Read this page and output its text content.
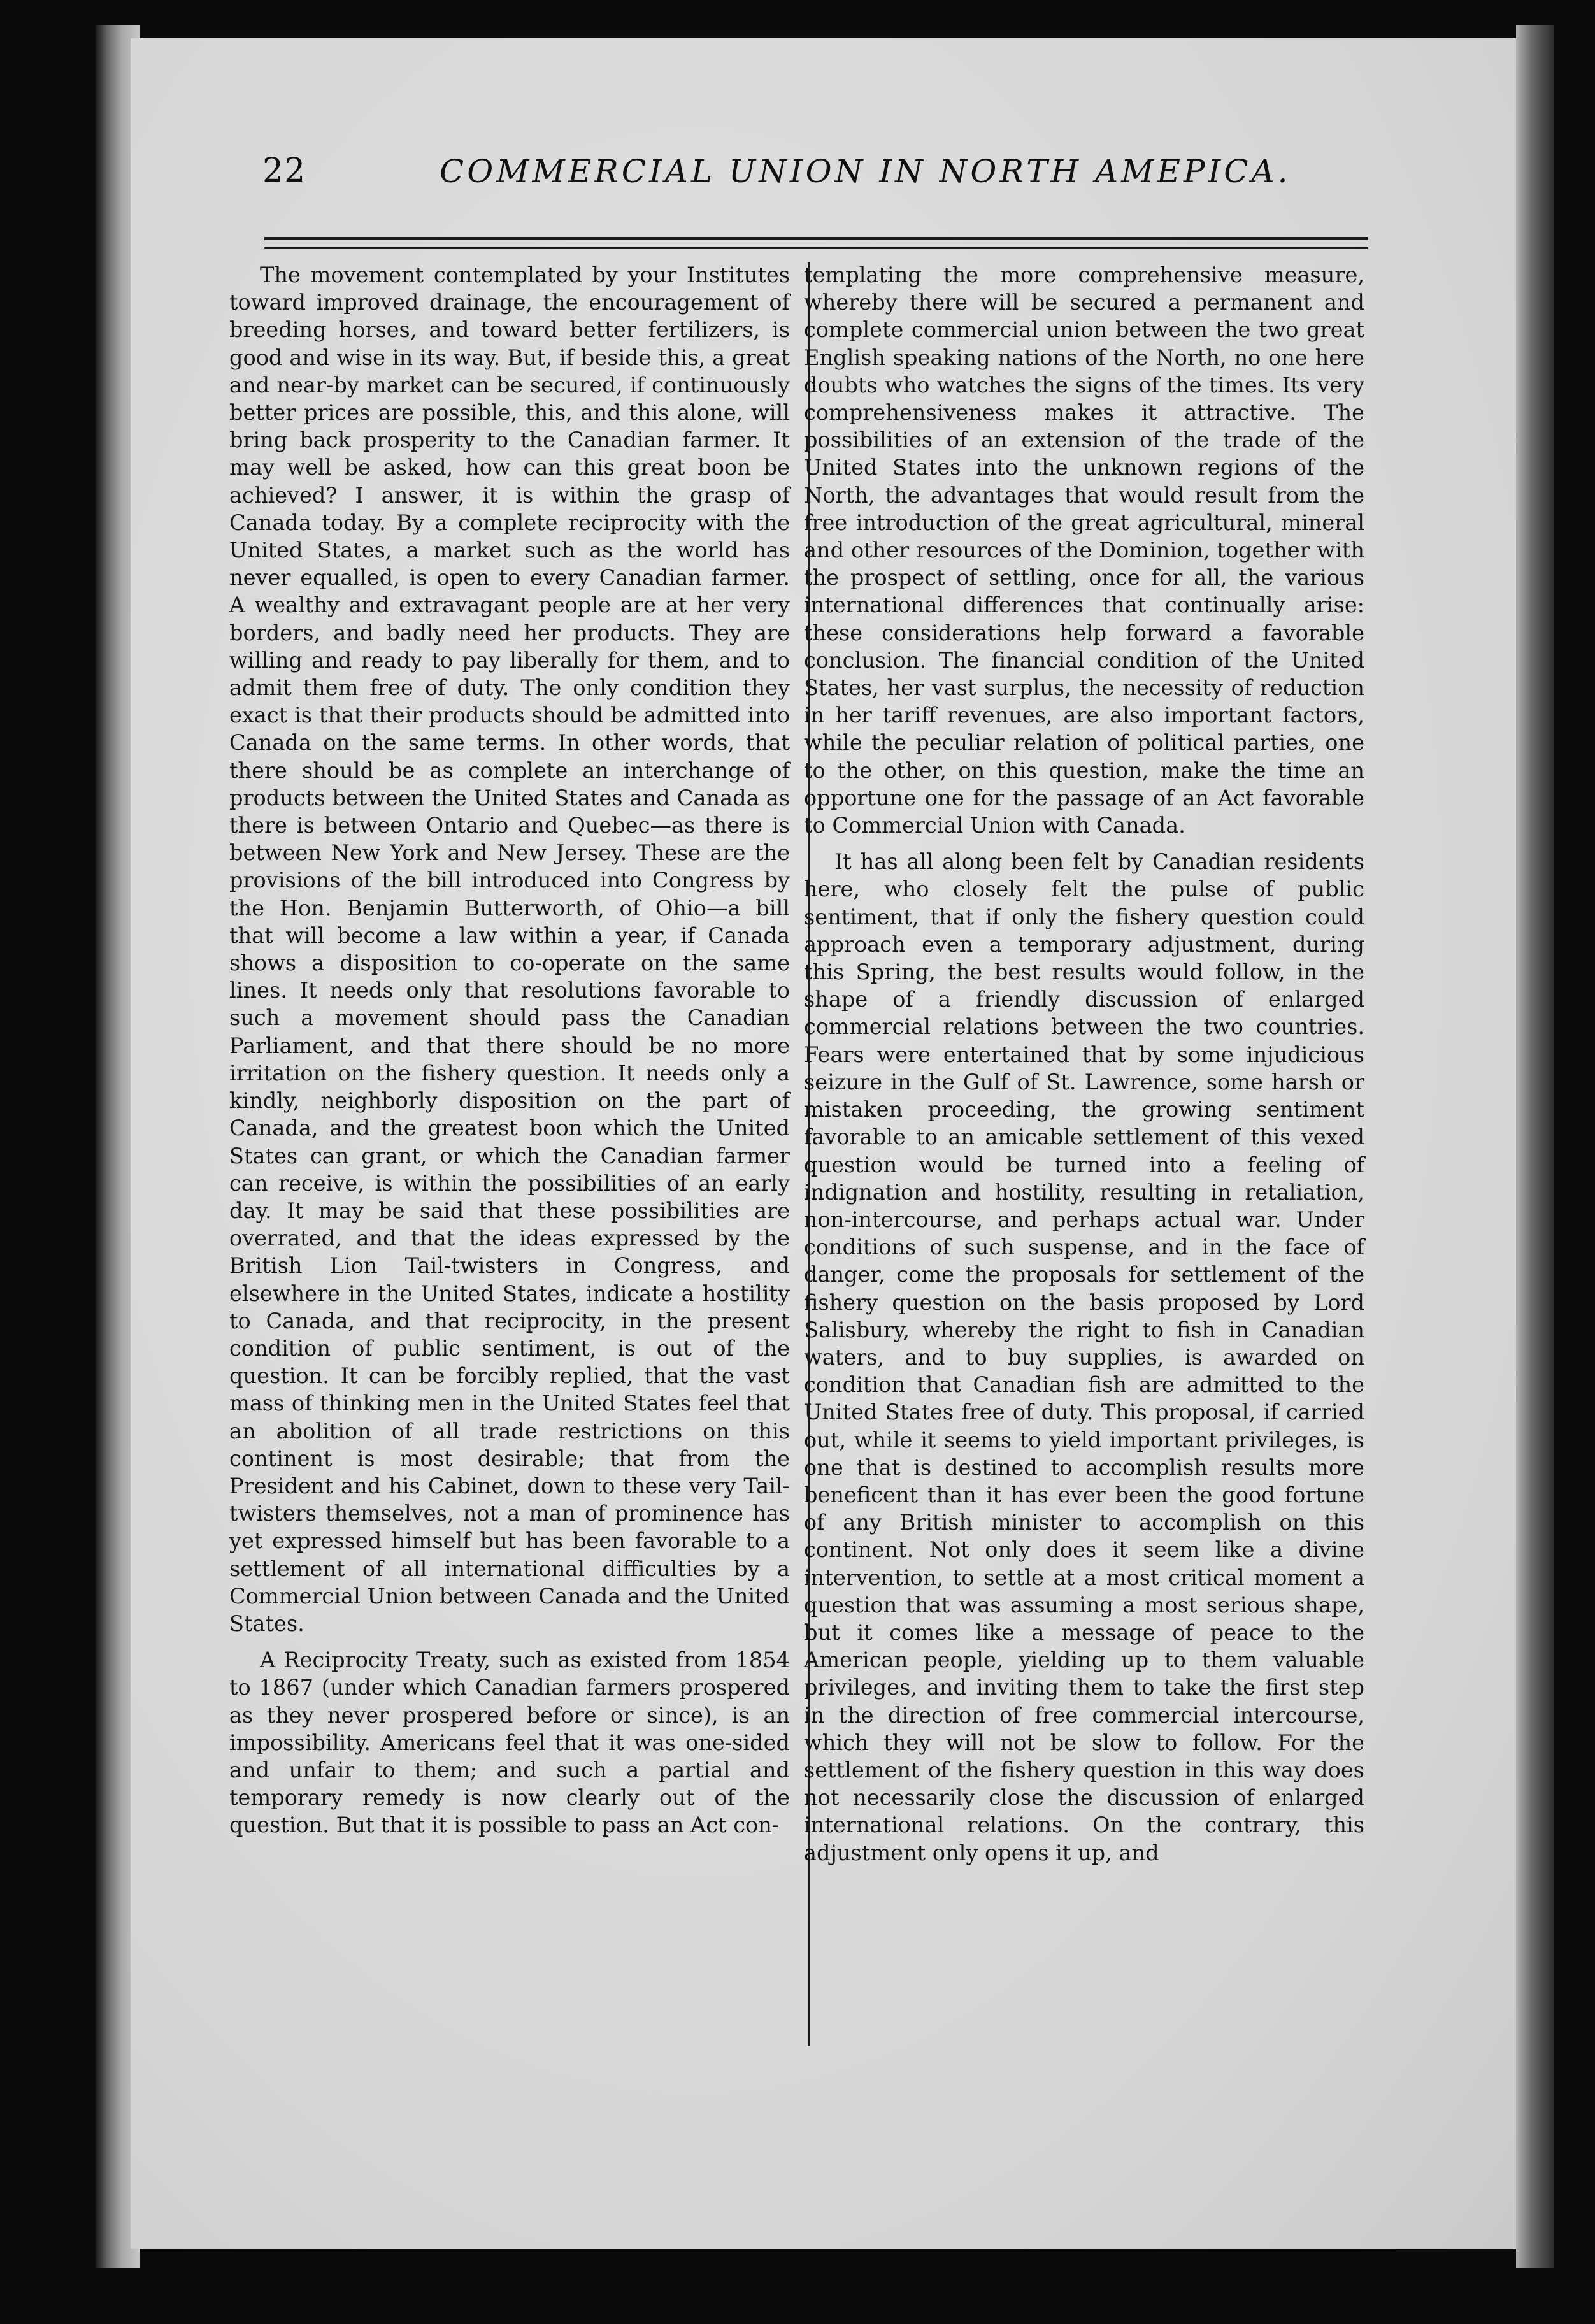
22	COMMERCIAL UNION IN NORTH AMEPICA.

The movement contemplated by your Institutes toward improved drainage, the encouragement of breeding horses, and toward better fertilizers, is good and wise in its way. But, if beside this, a great and near-by market can be secured, if continuously better prices are possible, this, and this alone, will bring back prosperity to the Canadian farmer. It may well be asked, how can this great boon be achieved? I answer, it is within the grasp of Canada today. By a complete reciprocity with the United States, a market such as the world has never equalled, is open to every Canadian farmer. A wealthy and extravagant people are at her very borders, and badly need her products. They are willing and ready to pay liberally for them, and to admit them free of duty. The only condition they exact is that their products should be admitted into Canada on the same terms. In other words, that there should be as complete an interchange of products between the United States and Canada as there is between Ontario and Quebec—as there is between New York and New Jersey. These are the provisions of the bill introduced into Congress by the Hon. Benjamin Butterworth, of Ohio—a bill that will become a law within a year, if Canada shows a disposition to co-operate on the same lines. It needs only that resolutions favorable to such a movement should pass the Canadian Parliament, and that there should be no more irritation on the fishery question. It needs only a kindly, neighborly disposition on the part of Canada, and the greatest boon which the United States can grant, or which the Canadian farmer can receive, is within the possibilities of an early day. It may be said that these possibilities are overrated, and that the ideas expressed by the British Lion Tail-twisters in Congress, and elsewhere in the United States, indicate a hostility to Canada, and that reciprocity, in the present condition of public sentiment, is out of the question. It can be forcibly replied, that the vast mass of thinking men in the United States feel that an abolition of all trade restrictions on this continent is most desirable; that from the President and his Cabinet, down to these very Tail-twisters themselves, not a man of prominence has yet expressed himself but has been favorable to a settlement of all international difficulties by a Commercial Union between Canada and the United States.

A Reciprocity Treaty, such as existed from 1854 to 1867 (under which Canadian farmers prospered as they never prospered before or since), is an impossibility. Americans feel that it was one-sided and unfair to them; and such a partial and temporary remedy is now clearly out of the question. But that it is possible to pass an Act con-

templating the more comprehensive measure, whereby there will be secured a permanent and complete commercial union between the two great English speaking nations of the North, no one here doubts who watches the signs of the times. Its very comprehensiveness makes it attractive. The possibilities of an extension of the trade of the United States into the unknown regions of the North, the advantages that would result from the free introduction of the great agricultural, mineral and other resources of the Dominion, together with the prospect of settling, once for all, the various international differences that continually arise: these considerations help forward a favorable conclusion. The financial condition of the United States, her vast surplus, the necessity of reduction in her tariff revenues, are also important factors, while the peculiar relation of political parties, one to the other, on this question, make the time an opportune one for the passage of an Act favorable to Commercial Union with Canada.

It has all along been felt by Canadian residents here, who closely felt the pulse of public sentiment, that if only the fishery question could approach even a temporary adjustment, during this Spring, the best results would follow, in the shape of a friendly discussion of enlarged commercial relations between the two countries. Fears were entertained that by some injudicious seizure in the Gulf of St. Lawrence, some harsh or mistaken proceeding, the growing sentiment favorable to an amicable settlement of this vexed question would be turned into a feeling of indignation and hostility, resulting in retaliation, non-intercourse, and perhaps actual war. Under conditions of such suspense, and in the face of danger, come the proposals for settlement of the fishery question on the basis proposed by Lord Salisbury, whereby the right to fish in Canadian waters, and to buy supplies, is awarded on condition that Canadian fish are admitted to the United States free of duty. This proposal, if carried out, while it seems to yield important privileges, is one that is destined to accomplish results more beneficent than it has ever been the good fortune of any British minister to accomplish on this continent. Not only does it seem like a divine intervention, to settle at a most critical moment a question that was assuming a most serious shape, but it comes like a message of peace to the American people, yielding up to them valuable privileges, and inviting them to take the first step in the direction of free commercial intercourse, which they will not be slow to follow. For the settlement of the fishery question in this way does not necessarily close the discussion of enlarged international relations. On the contrary, this adjustment only opens it up, and
